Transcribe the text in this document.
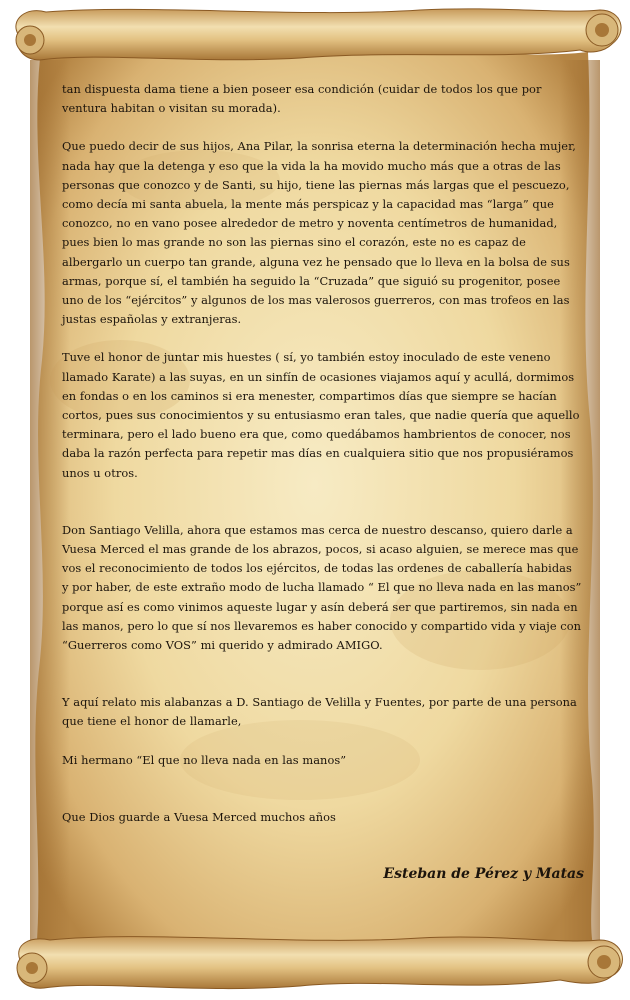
tan dispuesta dama tiene a bien poseer esa condición (cuidar de todos los que por ventura habitan o visitan su morada).

Que puedo decir de sus hijos, Ana Pilar, la sonrisa eterna la determinación hecha mujer, nada hay que la detenga y eso que la vida la ha movido mucho más que a otras de las personas que conozco y de Santi, su hijo, tiene las piernas más largas que el pescuezo, como decía mi santa abuela, la mente más perspicaz y la capacidad mas “larga” que conozco, no en vano posee alrededor de metro y noventa centímetros de humanidad, pues bien lo mas grande no son las piernas sino el corazón, este no es capaz de albergarlo un cuerpo tan grande, alguna vez he pensado que lo lleva en la bolsa de sus armas, porque sí, el también ha seguido la “Cruzada” que siguió su progenitor, posee uno de los “ejércitos” y algunos de los mas valerosos guerreros, con mas trofeos en las justas españolas y extranjeras.

Tuve el honor de juntar mis huestes ( sí, yo también estoy inoculado de este veneno llamado Karate) a las suyas, en un sinfín de ocasiones viajamos aquí y acullá, dormimos en fondas o en los caminos si era menester, compartimos días que siempre se hacían cortos, pues sus conocimientos y su entusiasmo eran tales, que nadie quería que aquello terminara, pero el lado bueno era que, como quedábamos hambrientos de conocer, nos daba la razón perfecta para repetir mas días en cualquiera sitio que nos propusiéramos unos u otros.

Don Santiago Velilla, ahora que estamos mas cerca de nuestro descanso, quiero darle a Vuesa Merced el mas grande de los abrazos, pocos, si acaso alguien, se merece mas que vos el reconocimiento de todos los ejércitos, de todas las ordenes de caballería habidas y por haber, de este extraño modo de lucha llamado “ El que no lleva nada en las manos” porque así es como vinimos aqueste lugar y asín deberá ser que partiremos, sin nada en las manos, pero lo que sí nos llevaremos es haber conocido y compartido vida y viaje con “Guerreros como VOS” mi querido y admirado AMIGO.

Y aquí relato mis alabanzas a D. Santiago de Velilla y Fuentes, por parte de una persona que tiene el honor de llamarle,

Mi hermano “El que no lleva nada en las manos”

Que Dios guarde a Vuesa Merced muchos años

Esteban de Pérez y Matas
